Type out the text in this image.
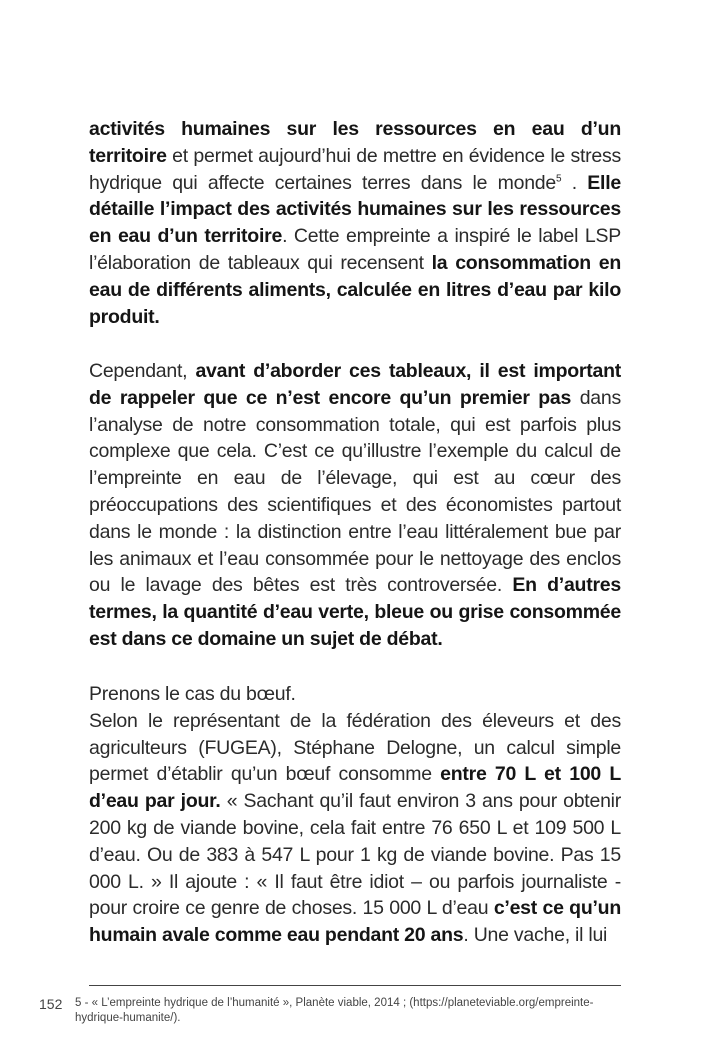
activités humaines sur les ressources en eau d’un territoire et permet aujourd’hui de mettre en évidence le stress hydrique qui affecte certaines terres dans le monde$^5$ . Elle détaille l’impact des activités humaines sur les ressources en eau d’un territoire. Cette empreinte a inspiré le label LSP l’élaboration de tableaux qui recensent la consommation en eau de différents aliments, calculée en litres d’eau par kilo produit.

Cependant, avant d’aborder ces tableaux, il est important de rappeler que ce n’est encore qu’un premier pas dans l’analyse de notre consommation totale, qui est parfois plus complexe que cela. C’est ce qu’illustre l’exemple du calcul de l’empreinte en eau de l’élevage, qui est au cœur des préoccupations des scientifiques et des économistes partout dans le monde : la distinction entre l’eau littéralement bue par les animaux et l’eau consommée pour le nettoyage des enclos ou le lavage des bêtes est très controversée. En d’autres termes, la quantité d’eau verte, bleue ou grise consommée est dans ce domaine un sujet de débat.

Prenons le cas du bœuf.

Selon le représentant de la fédération des éleveurs et des agriculteurs (FUGEA), Stéphane Delogne, un calcul simple permet d’établir qu’un bœuf consomme entre 70 L et 100 L d’eau par jour. « Sachant qu’il faut environ 3 ans pour obtenir 200 kg de viande bovine, cela fait entre 76 650 L et 109 500 L d’eau. Ou de 383 à 547 L pour 1 kg de viande bovine. Pas 15 000 L. » Il ajoute : « Il faut être idiot – ou parfois journaliste - pour croire ce genre de choses. 15 000 L d’eau c’est ce qu’un humain avale comme eau pendant 20 ans. Une vache, il lui

152 5 - « L’empreinte hydrique de l’humanité », Planète viable, 2014 ; (https://planeteviable.org/empreinte-hydrique-humanite/).
